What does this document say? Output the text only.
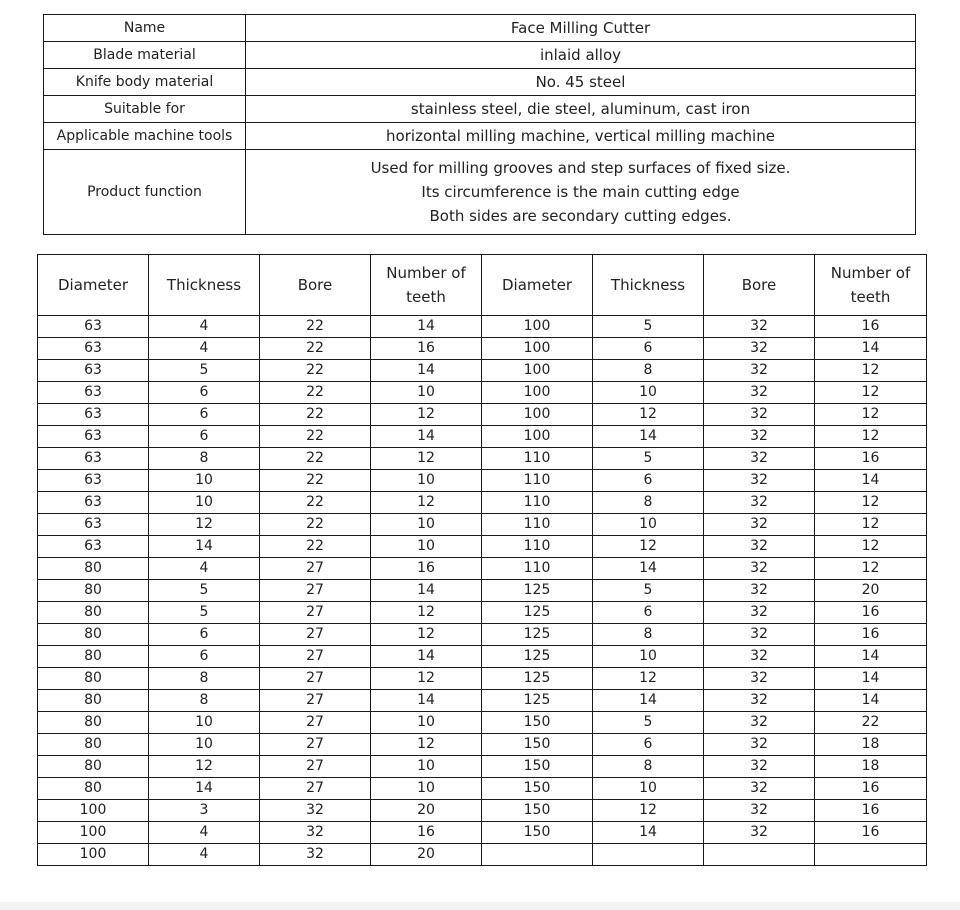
Name	Face Milling Cutter
Blade material	inlaid alloy
Knife body material	No. 45 steel
Suitable for	stainless steel, die steel, aluminum, cast iron
Applicable machine tools	horizontal milling machine, vertical milling machine
Product function	Used for milling grooves and step surfaces of fixed size.
Its circumference is the main cutting edge
Both sides are secondary cutting edges.
Diameter	Thickness	Bore	Number of teeth	Diameter	Thickness	Bore	Number of teeth
63	4	22	14	100	5	32	16
63	4	22	16	100	6	32	14
63	5	22	14	100	8	32	12
63	6	22	10	100	10	32	12
63	6	22	12	100	12	32	12
63	6	22	14	100	14	32	12
63	8	22	12	110	5	32	16
63	10	22	10	110	6	32	14
63	10	22	12	110	8	32	12
63	12	22	10	110	10	32	12
63	14	22	10	110	12	32	12
80	4	27	16	110	14	32	12
80	5	27	14	125	5	32	20
80	5	27	12	125	6	32	16
80	6	27	12	125	8	32	16
80	6	27	14	125	10	32	14
80	8	27	12	125	12	32	14
80	8	27	14	125	14	32	14
80	10	27	10	150	5	32	22
80	10	27	12	150	6	32	18
80	12	27	10	150	8	32	18
80	14	27	10	150	10	32	16
100	3	32	20	150	12	32	16
100	4	32	16	150	14	32	16
100	4	32	20				
